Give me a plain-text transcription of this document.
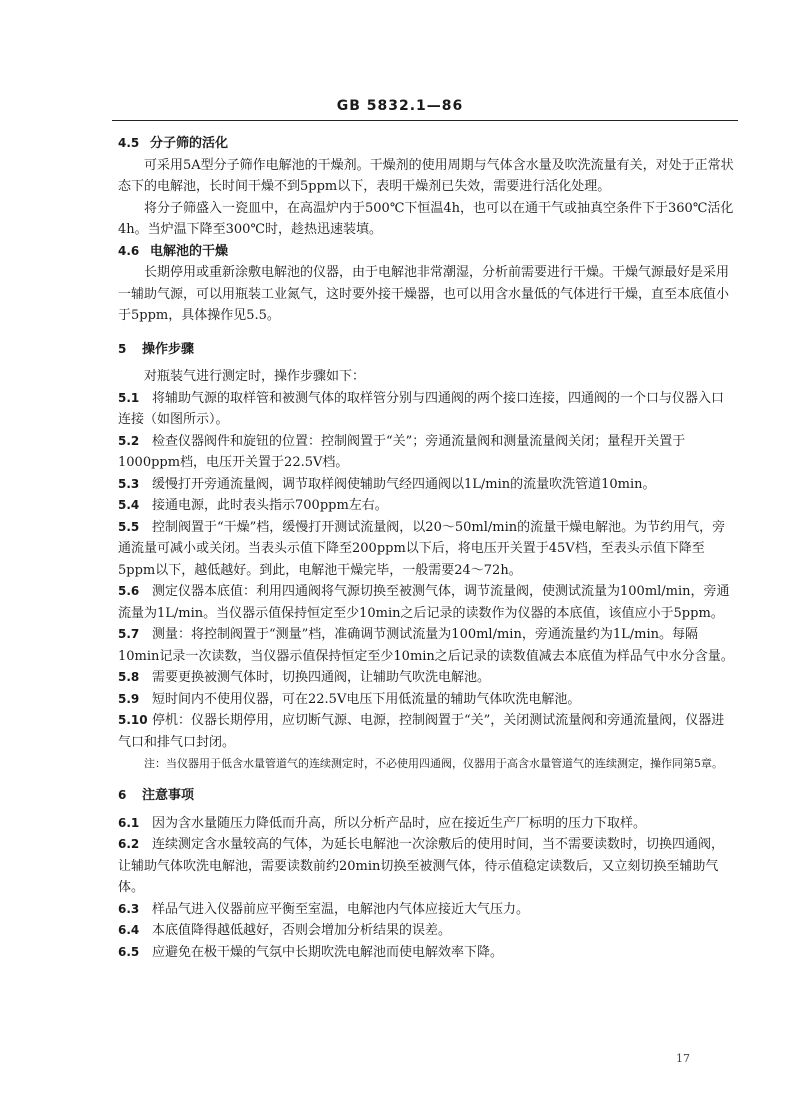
GB 5832.1—86

4.5 分子筛的活化

可采用5A型分子筛作电解池的干燥剂。干燥剂的使用周期与气体含水量及吹洗流量有关，对处于正常状态下的电解池，长时间干燥不到5ppm以下，表明干燥剂已失效，需要进行活化处理。

将分子筛盛入一瓷皿中，在高温炉内于500℃下恒温4h，也可以在通干气或抽真空条件下于360℃活化4h。当炉温下降至300℃时，趁热迅速装填。

4.6 电解池的干燥

长期停用或重新涂敷电解池的仪器，由于电解池非常潮湿，分析前需要进行干燥。干燥气源最好是采用一辅助气源，可以用瓶装工业氮气，这时要外接干燥器，也可以用含水量低的气体进行干燥，直至本底值小于5ppm，具体操作见5.5。

5 操作步骤

对瓶装气进行测定时，操作步骤如下：

5.1 将辅助气源的取样管和被测气体的取样管分别与四通阀的两个接口连接，四通阀的一个口与仪器入口连接（如图所示）。

5.2 检查仪器阀件和旋钮的位置：控制阀置于“关”；旁通流量阀和测量流量阀关闭；量程开关置于1000ppm档，电压开关置于22.5V档。

5.3 缓慢打开旁通流量阀，调节取样阀使辅助气经四通阀以1L/min的流量吹洗管道10min。

5.4 接通电源，此时表头指示700ppm左右。

5.5 控制阀置于“干燥”档，缓慢打开测试流量阀，以20～50ml/min的流量干燥电解池。为节约用气，旁通流量可减小或关闭。当表头示值下降至200ppm以下后，将电压开关置于45V档，至表头示值下降至5ppm以下，越低越好。到此，电解池干燥完毕，一般需要24～72h。

5.6 测定仪器本底值：利用四通阀将气源切换至被测气体，调节流量阀，使测试流量为100ml/min，旁通流量为1L/min。当仪器示值保持恒定至少10min之后记录的读数作为仪器的本底值，该值应小于5ppm。

5.7 测量：将控制阀置于“测量”档，准确调节测试流量为100ml/min，旁通流量约为1L/min。每隔10min记录一次读数，当仪器示值保持恒定至少10min之后记录的读数值减去本底值为样品气中水分含量。

5.8 需要更换被测气体时，切换四通阀，让辅助气吹洗电解池。

5.9 短时间内不使用仪器，可在22.5V电压下用低流量的辅助气体吹洗电解池。

5.10 停机：仪器长期停用，应切断气源、电源，控制阀置于“关”，关闭测试流量阀和旁通流量阀，仪器进气口和排气口封闭。

注：当仪器用于低含水量管道气的连续测定时，不必使用四通阀，仪器用于高含水量管道气的连续测定，操作同第5章。

6 注意事项

6.1 因为含水量随压力降低而升高，所以分析产品时，应在接近生产厂标明的压力下取样。

6.2 连续测定含水量较高的气体，为延长电解池一次涂敷后的使用时间，当不需要读数时，切换四通阀，让辅助气体吹洗电解池，需要读数前约20min切换至被测气体，待示值稳定读数后，又立刻切换至辅助气体。

6.3 样品气进入仪器前应平衡至室温，电解池内气体应接近大气压力。

6.4 本底值降得越低越好，否则会增加分析结果的误差。

6.5 应避免在极干燥的气氛中长期吹洗电解池而使电解效率下降。

17
